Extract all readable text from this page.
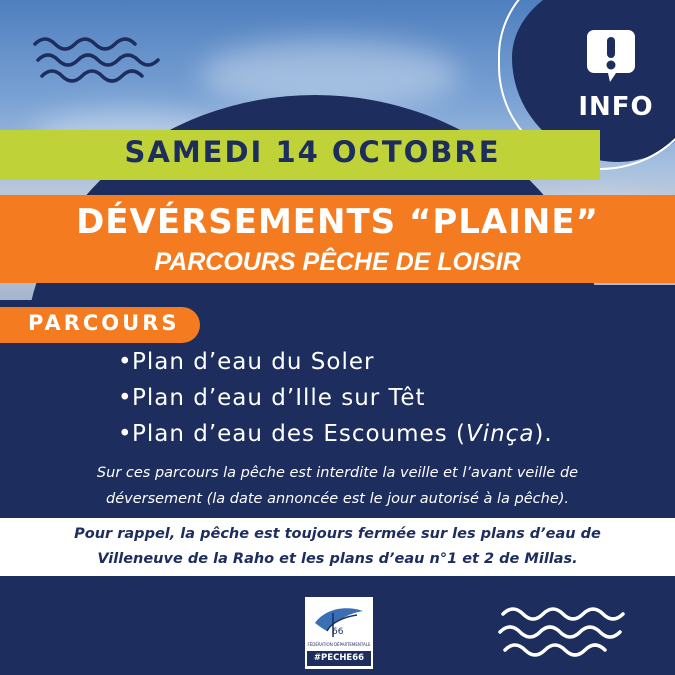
INFO
SAMEDI 14 OCTOBRE
DÉVÉRSEMENTS “PLAINE”
PARCOURS PÊCHE DE LOISIR
PARCOURS
•Plan d’eau du Soler
•Plan d’eau d’Ille sur Têt
•Plan d’eau des Escoumes (Vinça).
Sur ces parcours la pêche est interdite la veille et l’avant veille de
déversement (la date annoncée est le jour autorisé à la pêche).
Pour rappel, la pêche est toujours fermée sur les plans d’eau de
Villeneuve de la Raho et les plans d’eau n°1 et 2 de Millas.
66
FÉDÉRATION DÉPARTEMENTALE
#PECHE66
